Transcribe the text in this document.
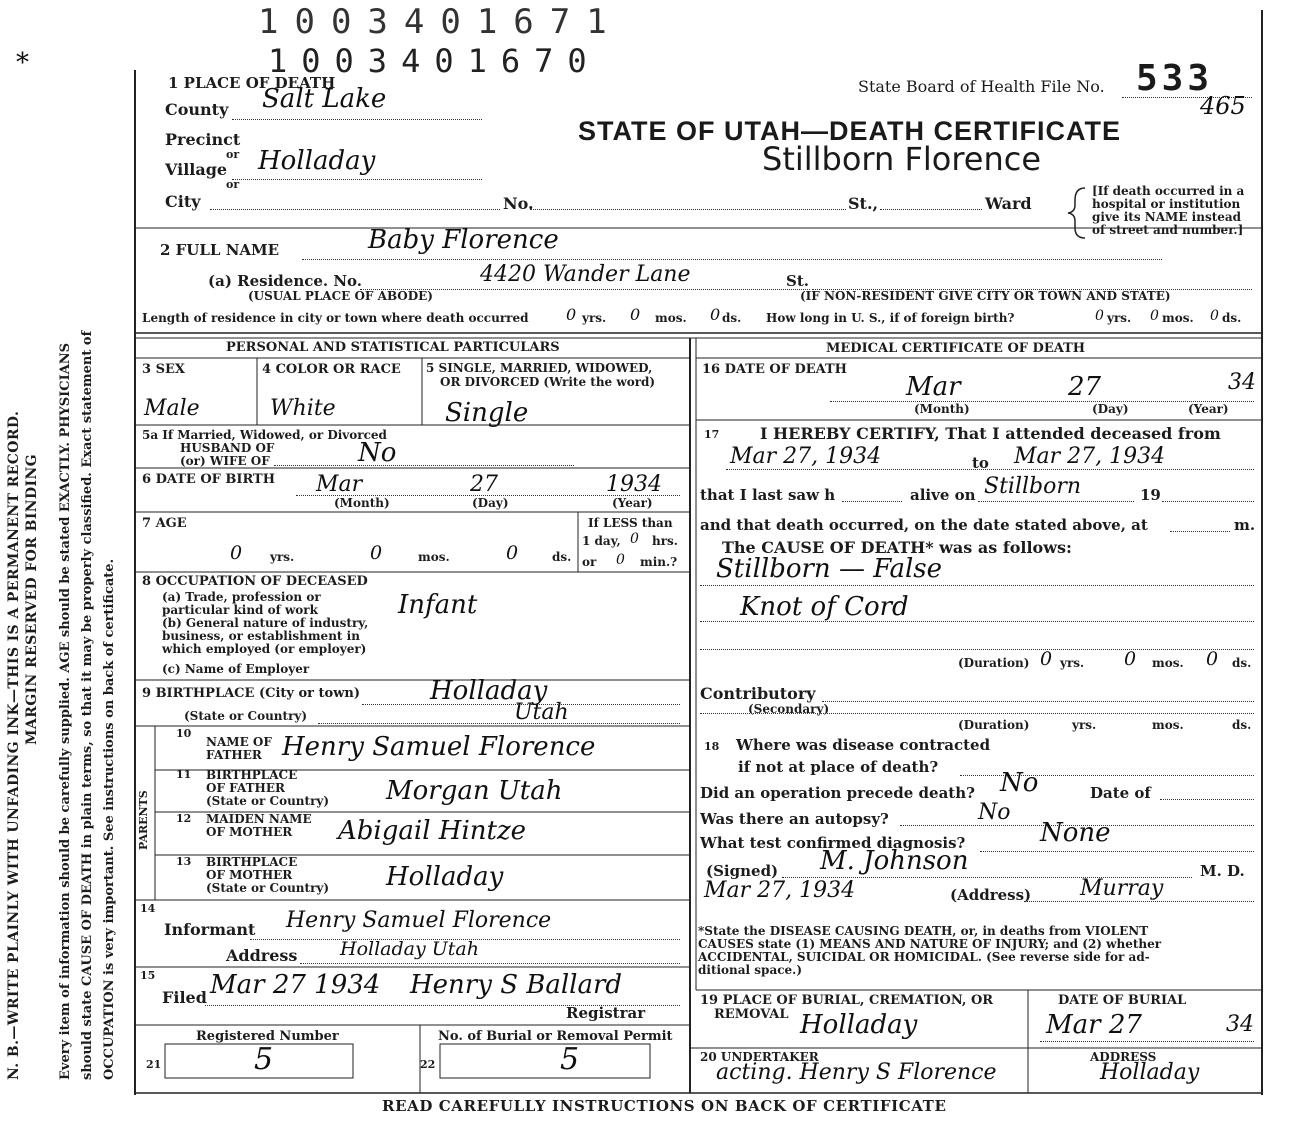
1003401671
1003401670
*
N. B.—WRITE PLAINLY WITH UNFADING INK—THIS IS A PERMANENT RECORD. MARGIN RESERVED FOR BINDING Every item of information should be carefully supplied. AGE should be stated EXACTLY. PHYSICIANS should state CAUSE OF DEATH in plain terms, so that it may be properly classified. Exact statement of OCCUPATION is very important. See instructions on back of certificate.
1 PLACE OF DEATH
County Salt Lake
Precinct
or
Village Holladay
or
City	No.	St.,	Ward
State Board of Health File No. 533
465
STATE OF UTAH—DEATH CERTIFICATE
Stillborn Florence
[If death occurred in a
hospital or institution
give its NAME instead
of street and number.]
2 FULL NAME	Baby Florence
(a) Residence. No.	4420 Wander Lane	St.
(USUAL PLACE OF ABODE)	(IF NON-RESIDENT GIVE CITY OR TOWN AND STATE)
Length of residence in city or town where death occurred 0 yrs. 0 mos. 0 ds. How long in U. S., if of foreign birth?	0 yrs. 0 mos. 0 ds.
PERSONAL AND STATISTICAL PARTICULARS
3 SEX
Male
4 COLOR OR RACE
White
5 SINGLE, MARRIED, WIDOWED,
OR DIVORCED (Write the word)
Single
5a If Married, Widowed, or Divorced
HUSBAND OF
(or) WIFE OF	No
6 DATE OF BIRTH Mar	27	1934
(Month)	(Day)	(Year)
7 AGE
0 yrs.	0	mos.	0	ds.
If LESS than
1 day, 0 hrs.
or 0 min.?
8 OCCUPATION OF DECEASED
(a) Trade, profession or
particular kind of work
(b) General nature of industry,
business, or establishment in
which employed (or employer)
(c) Name of Employer
Infant
9 BIRTHPLACE (City or town)	Holladay
(State or Country)	Utah
PARENTS
10
NAME OF
FATHER Henry Samuel Florence
11 BIRTHPLACE
OF FATHER
(State or Country) Morgan Utah
12 MAIDEN NAME
OF MOTHER Abigail Hintze
13 BIRTHPLACE
OF MOTHER
(State or Country) Holladay
14
Informant Henry Samuel Florence
Address Holladay Utah
15
Filed Mar 27 1934 Henry S Ballard
Registrar
Registered Number	No. of Burial or Removal Permit
21	22
5	5
MEDICAL CERTIFICATE OF DEATH
16 DATE OF DEATH
Mar	27	34
(Month)	(Day)	(Year)
17	I HEREBY CERTIFY, That I attended deceased from
Mar 27, 1934	to Mar 27, 1934
that I last saw h	alive on Stillborn	19
and that death occurred, on the date stated above, at	m.
The CAUSE OF DEATH* was as follows:
Stillborn — False
Knot of Cord
(Duration) 0 yrs. 0 mos. 0 ds.
Contributory
(Secondary)
(Duration)	yrs.	mos.	ds.
18 Where was disease contracted
if not at place of death?
Did an operation precede death? No	Date of
Was there an autopsy?	No
What test confirmed diagnosis?	None
(Signed) M. Johnson	M. D.
Mar 27, 1934	(Address) Murray
*State the DISEASE CAUSING DEATH, or, in deaths from VIOLENT
CAUSES state (1) MEANS AND NATURE OF INJURY; and (2) whether
ACCIDENTAL, SUICIDAL OR HOMICIDAL. (See reverse side for ad-
ditional space.)
19 PLACE OF BURIAL, CREMATION, OR
REMOVAL Holladay
DATE OF BURIAL
Mar 27	34
20 UNDERTAKER
acting. Henry S Florence
ADDRESS
Holladay
READ CAREFULLY INSTRUCTIONS ON BACK OF CERTIFICATE
